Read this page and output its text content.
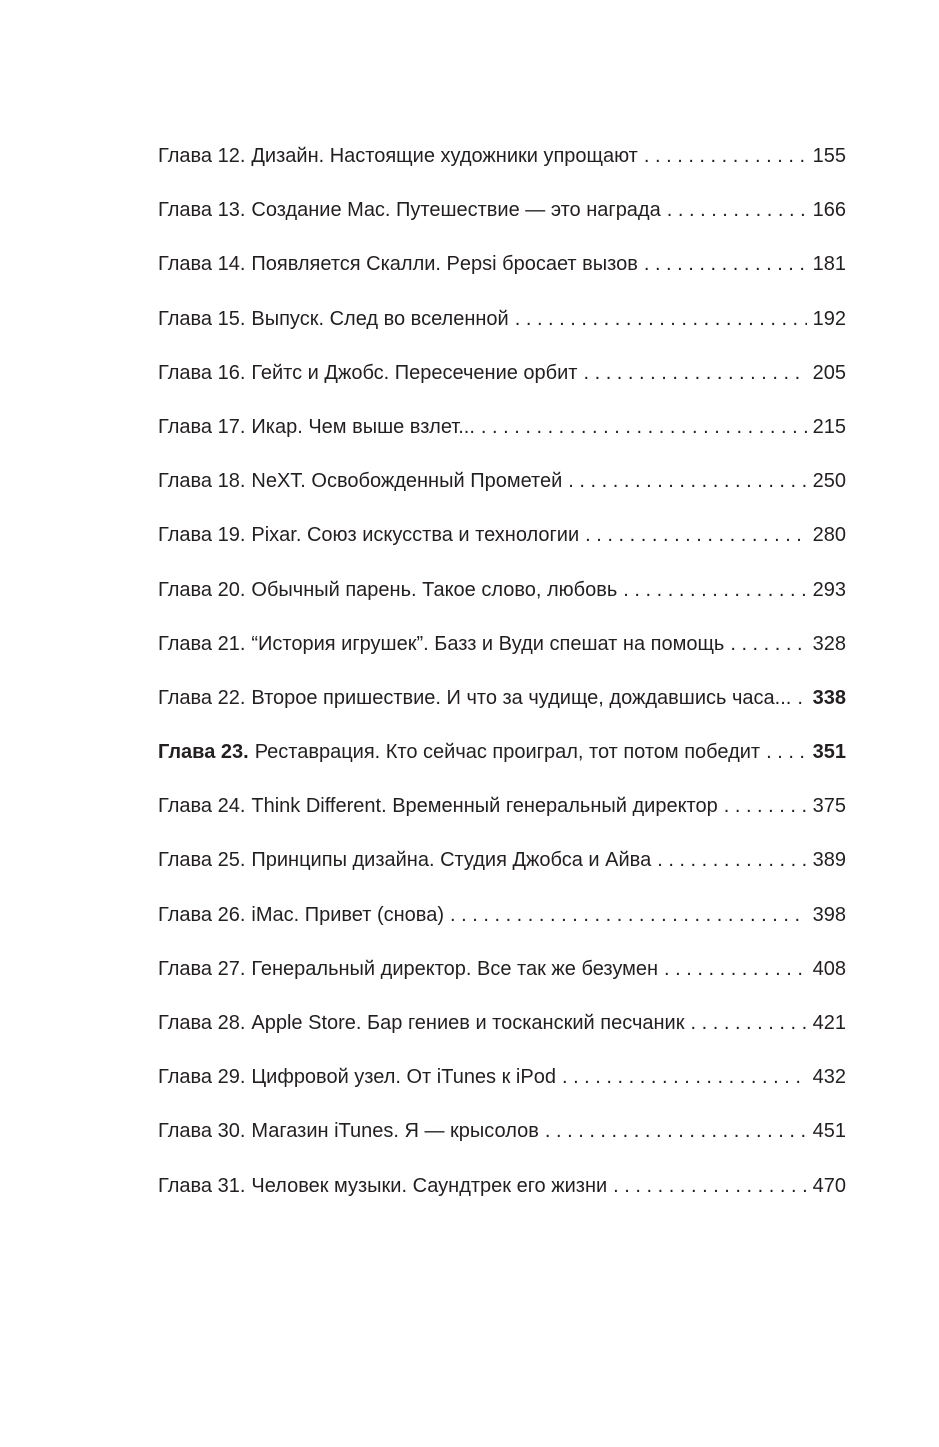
Глава 12. Дизайн. Настоящие художники упрощают . . .	155
Глава 13. Создание Mac. Путешествие — это награда . . .	166
Глава 14. Появляется Скалли. Pepsi бросает вызов . . .	181
Глава 15. Выпуск. След во вселенной . . .	192
Глава 16. Гейтс и Джобс. Пересечение орбит . . .	205
Глава 17. Икар. Чем выше взлет... . . .	215
Глава 18. NeXT. Освобожденный Прометей . . .	250
Глава 19. Pixar. Союз искусства и технологии . . .	280
Глава 20. Обычный парень. Такое слово, любовь . . .	293
Глава 21. “История игрушек”. Базз и Вуди спешат на помощь . . .	328
Глава 22. Второе пришествие. И что за чудище, дождавшись часа... . . . 338
Глава 23. Реставрация. Кто сейчас проиграл, тот потом победит . . .	351
Глава 24. Think Different. Временный генеральный директор . . .	375
Глава 25. Принципы дизайна. Студия Джобса и Айва . . .	389
Глава 26. iMac. Привет (снова) . . .	398
Глава 27. Генеральный директор. Все так же безумен . . .	408
Глава 28. Apple Store. Бар гениев и тосканский песчаник . . .	421
Глава 29. Цифровой узел. От iTunes к iPod . . .	432
Глава 30. Магазин iTunes. Я — крысолов . . .	451
Глава 31. Человек музыки. Саундтрек его жизни . . .	470
